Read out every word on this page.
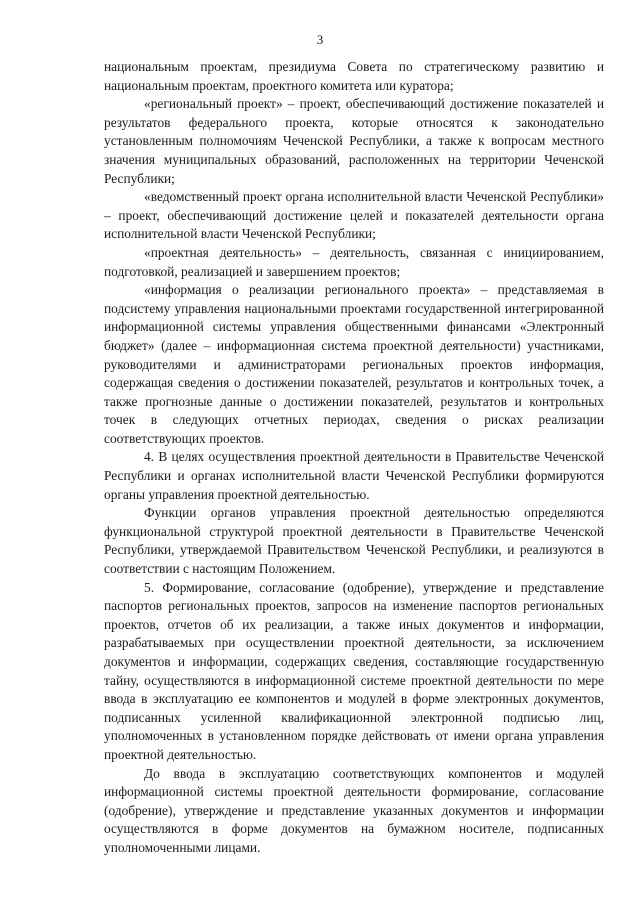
3

национальным проектам, президиума Совета по стратегическому развитию и национальным проектам, проектного комитета или куратора;

«региональный проект» – проект, обеспечивающий достижение показателей и результатов федерального проекта, которые относятся к законодательно установленным полномочиям Чеченской Республики, а также к вопросам местного значения муниципальных образований, расположенных на территории Чеченской Республики;

«ведомственный проект органа исполнительной власти Чеченской Республики» – проект, обеспечивающий достижение целей и показателей деятельности органа исполнительной власти Чеченской Республики;

«проектная деятельность» – деятельность, связанная с инициированием, подготовкой, реализацией и завершением проектов;

«информация о реализации регионального проекта» – представляемая в подсистему управления национальными проектами государственной интегрированной информационной системы управления общественными финансами «Электронный бюджет» (далее – информационная система проектной деятельности) участниками, руководителями и администраторами региональных проектов информация, содержащая сведения о достижении показателей, результатов и контрольных точек, а также прогнозные данные о достижении показателей, результатов и контрольных точек в следующих отчетных периодах, сведения о рисках реализации соответствующих проектов.

4. В целях осуществления проектной деятельности в Правительстве Чеченской Республики и органах исполнительной власти Чеченской Республики формируются органы управления проектной деятельностью.

Функции органов управления проектной деятельностью определяются функциональной структурой проектной деятельности в Правительстве Чеченской Республики, утверждаемой Правительством Чеченской Республики, и реализуются в соответствии с настоящим Положением.

5. Формирование, согласование (одобрение), утверждение и представление паспортов региональных проектов, запросов на изменение паспортов региональных проектов, отчетов об их реализации, а также иных документов и информации, разрабатываемых при осуществлении проектной деятельности, за исключением документов и информации, содержащих сведения, составляющие государственную тайну, осуществляются в информационной системе проектной деятельности по мере ввода в эксплуатацию ее компонентов и модулей в форме электронных документов, подписанных усиленной квалификационной электронной подписью лиц, уполномоченных в установленном порядке действовать от имени органа управления проектной деятельностью.

До ввода в эксплуатацию соответствующих компонентов и модулей информационной системы проектной деятельности формирование, согласование (одобрение), утверждение и представление указанных документов и информации осуществляются в форме документов на бумажном носителе, подписанных уполномоченными лицами.
